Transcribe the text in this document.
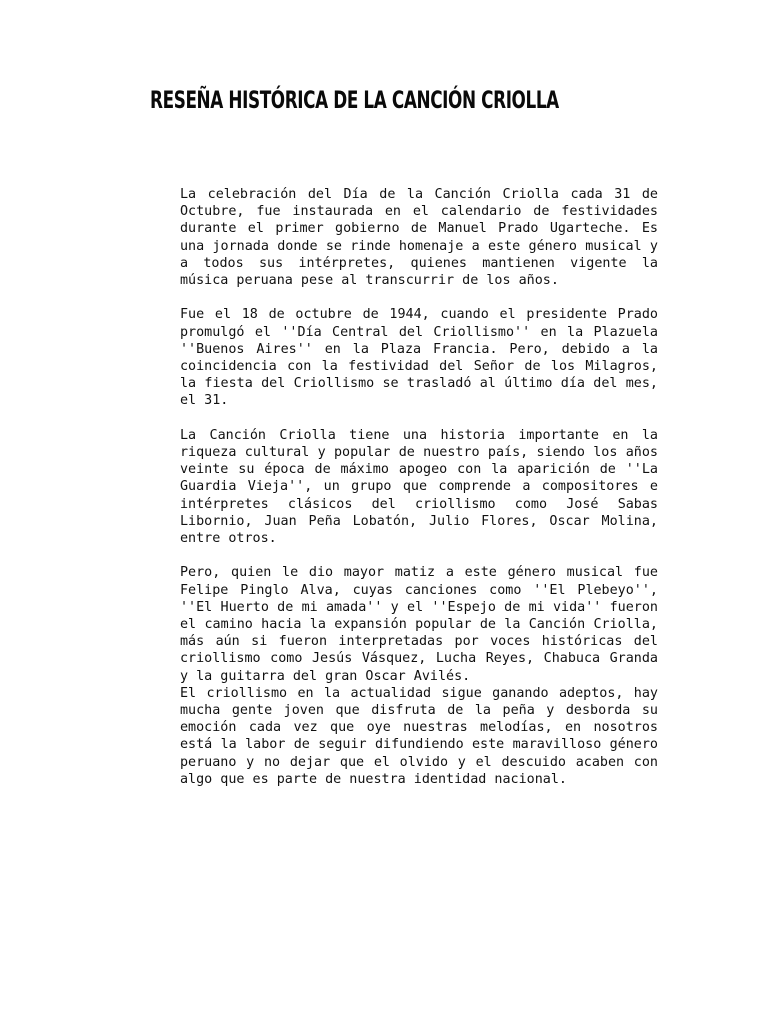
RESEÑA HISTÓRICA DE LA CANCIÓN CRIOLLA

La celebración del Día de la Canción Criolla cada 31 de Octubre, fue instaurada en el calendario de festividades durante el primer gobierno de Manuel Prado Ugarteche. Es una jornada donde se rinde homenaje a este género musical y a todos sus intérpretes, quienes mantienen vigente la música peruana pese al transcurrir de los años.

Fue el 18 de octubre de 1944, cuando el presidente Prado promulgó el ''Día Central del Criollismo'' en la Plazuela ''Buenos Aires'' en la Plaza Francia. Pero, debido a la coincidencia con la festividad del Señor de los Milagros, la fiesta del Criollismo se trasladó al último día del mes, el 31.

La Canción Criolla tiene una historia importante en la riqueza cultural y popular de nuestro país, siendo los años veinte su época de máximo apogeo con la aparición de ''La Guardia Vieja'', un grupo que comprende a compositores e intérpretes clásicos del criollismo como José Sabas Libornio, Juan Peña Lobatón, Julio Flores, Oscar Molina, entre otros.

Pero, quien le dio mayor matiz a este género musical fue Felipe Pinglo Alva, cuyas canciones como ''El Plebeyo'', ''El Huerto de mi amada'' y el ''Espejo de mi vida'' fueron el camino hacia la expansión popular de la Canción Criolla, más aún si fueron interpretadas por voces históricas del criollismo como Jesús Vásquez, Lucha Reyes, Chabuca Granda y la guitarra del gran Oscar Avilés.

El criollismo en la actualidad sigue ganando adeptos, hay mucha gente joven que disfruta de la peña y desborda su emoción cada vez que oye nuestras melodías, en nosotros está la labor de seguir difundiendo este maravilloso género peruano y no dejar que el olvido y el descuido acaben con algo que es parte de nuestra identidad nacional.
